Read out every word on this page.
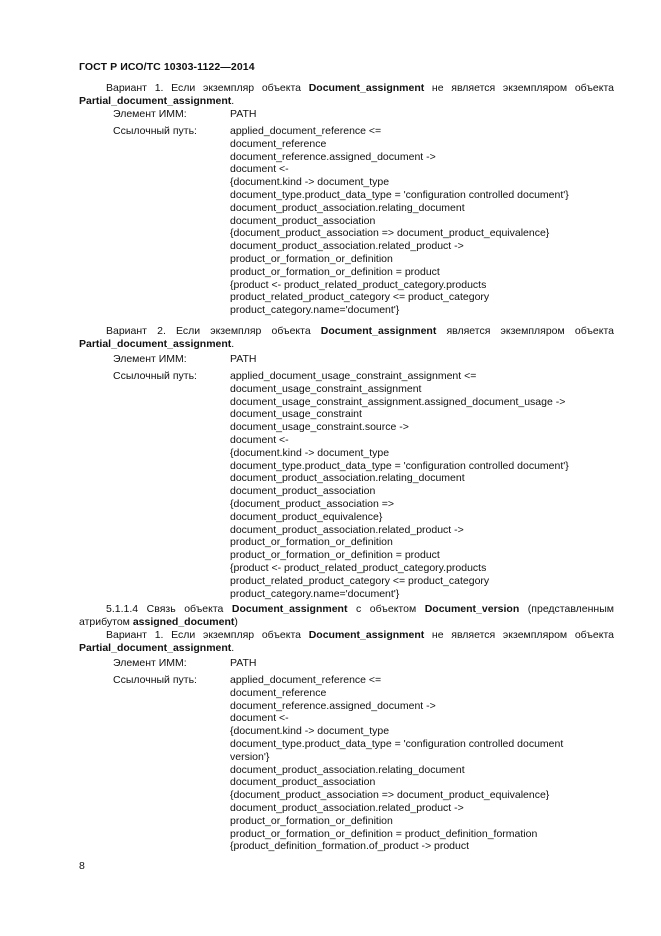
ГОСТ Р ИСО/ТС 10303-1122—2014
Вариант 1. Если экземпляр объекта Document_assignment не является экземпляром объекта Partial_document_assignment.
Элемент ИММ:	PATH
Ссылочный путь:	applied_document_reference <=
document_reference
document_reference.assigned_document ->
document <-
{document.kind -> document_type
document_type.product_data_type = 'configuration controlled document'}
document_product_association.relating_document
document_product_association
{document_product_association => document_product_equivalence}
document_product_association.related_product ->
product_or_formation_or_definition
product_or_formation_or_definition = product
{product <- product_related_product_category.products
product_related_product_category <= product_category
product_category.name='document'}
Вариант 2. Если экземпляр объекта Document_assignment является экземпляром объекта Partial_document_assignment.
Элемент ИММ:	PATH
Ссылочный путь:	applied_document_usage_constraint_assignment <=
document_usage_constraint_assignment
document_usage_constraint_assignment.assigned_document_usage ->
document_usage_constraint
document_usage_constraint.source ->
document <-
{document.kind -> document_type
document_type.product_data_type = 'configuration controlled document'}
document_product_association.relating_document
document_product_association
{document_product_association =>
document_product_equivalence}
document_product_association.related_product ->
product_or_formation_or_definition
product_or_formation_or_definition = product
{product <- product_related_product_category.products
product_related_product_category <= product_category
product_category.name='document'}
5.1.1.4 Связь объекта Document_assignment с объектом Document_version (представленным атрибутом assigned_document)
Вариант 1. Если экземпляр объекта Document_assignment не является экземпляром объекта Partial_document_assignment.
Элемент ИММ:	PATH
Ссылочный путь:	applied_document_reference <=
document_reference
document_reference.assigned_document ->
document <-
{document.kind -> document_type
document_type.product_data_type = 'configuration controlled document
version'}
document_product_association.relating_document
document_product_association
{document_product_association => document_product_equivalence}
document_product_association.related_product ->
product_or_formation_or_definition
product_or_formation_or_definition = product_definition_formation
{product_definition_formation.of_product -> product
8
